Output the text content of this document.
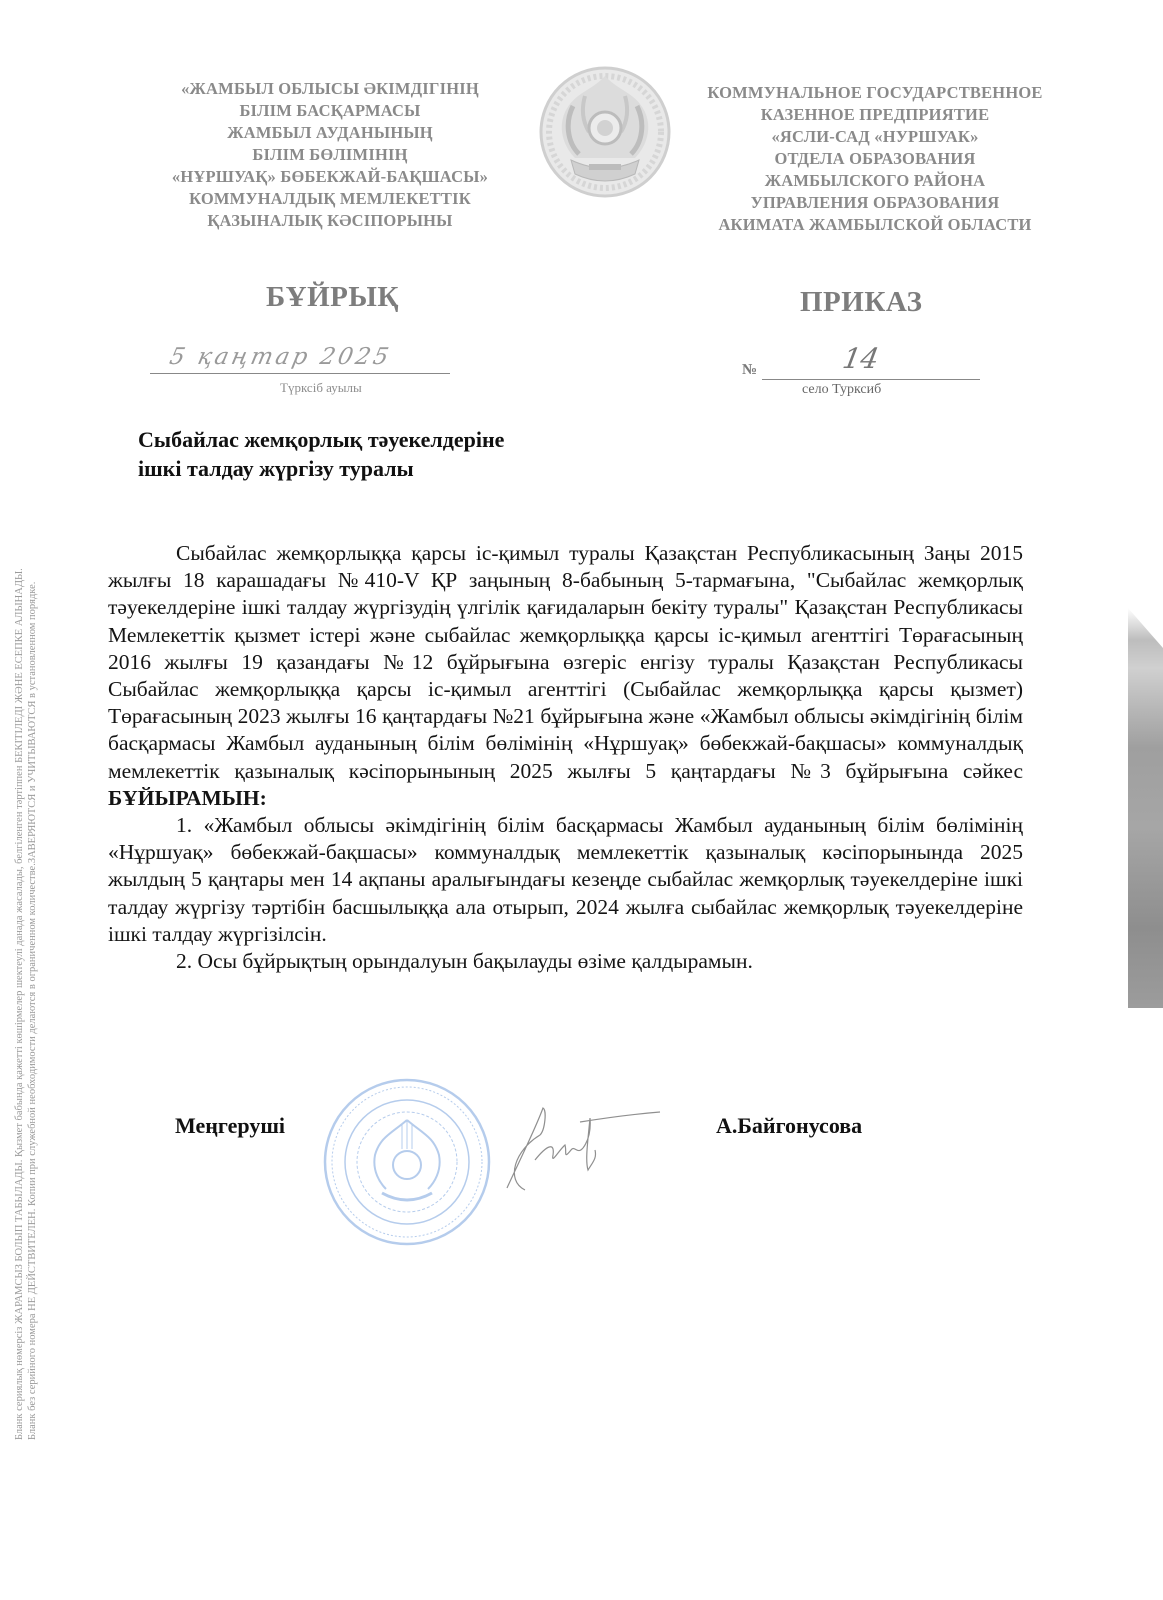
«ЖАМБЫЛ ОБЛЫСЫ ӘКІМДІГІНІҢ
БІЛІМ БАСҚАРМАСЫ
ЖАМБЫЛ АУДАНЫНЫҢ
БІЛІМ БӨЛІМІНІҢ
«НҰРШУАҚ» БӨБЕКЖАЙ-БАҚШАСЫ»
КОММУНАЛДЫҚ МЕМЛЕКЕТТІК
ҚАЗЫНАЛЫҚ КӘСІПОРЫНЫ
КОММУНАЛЬНОЕ ГОСУДАРСТВЕННОЕ
КАЗЕННОЕ ПРЕДПРИЯТИЕ
«ЯСЛИ-САД «НУРШУАК»
ОТДЕЛА ОБРАЗОВАНИЯ
ЖАМБЫЛСКОГО РАЙОНА
УПРАВЛЕНИЯ ОБРАЗОВАНИЯ
АКИМАТА ЖАМБЫЛСКОЙ ОБЛАСТИ
БҰЙРЫҚ	ПРИКАЗ
5 қаңтар 2025
Түрксіб ауылы
№	14
село Турксиб
Сыбайлас жемқорлық тәуекелдеріне
ішкі талдау жүргізу туралы

Сыбайлас жемқорлыққа қарсы іс-қимыл туралы Қазақстан Республикасының Заңы 2015 жылғы 18 карашадағы №410-V ҚР заңының 8-бабының 5-тармағына, "Сыбайлас жемқорлық тәуекелдеріне ішкі талдау жүргізудің үлгілік қағидаларын бекіту туралы" Қазақстан Республикасы Мемлекеттік қызмет істері және сыбайлас жемқорлыққа қарсы іс-қимыл агенттігі Төрағасының 2016 жылғы 19 қазандағы №12 бұйрығына өзгеріс енгізу туралы Қазақстан Республикасы Сыбайлас жемқорлыққа қарсы іс-қимыл агенттігі (Сыбайлас жемқорлыққа қарсы қызмет) Төрағасының 2023 жылғы 16 қаңтардағы №21 бұйрығына және «Жамбыл облысы әкімдігінің білім басқармасы Жамбыл ауданының білім бөлімінің «Нұршуақ» бөбекжай-бақшасы» коммуналдық мемлекеттік қазыналық кәсіпорынының 2025 жылғы 5 қаңтардағы №3 бұйрығына сәйкес БҰЙЫРАМЫН:

1. «Жамбыл облысы әкімдігінің білім басқармасы Жамбыл ауданының білім бөлімінің «Нұршуақ» бөбекжай-бақшасы» коммуналдық мемлекеттік қазыналық кәсіпорынында 2025 жылдың 5 қаңтары мен 14 ақпаны аралығындағы кезеңде сыбайлас жемқорлық тәуекелдеріне ішкі талдау жүргізу тәртібін басшылыққа ала отырып, 2024 жылға сыбайлас жемқорлық тәуекелдеріне ішкі талдау жүргізілсін.

2. Осы бұйрықтың орындалуын бақылауды өзіме қалдырамын.

Меңгеруші	А.Байгонусова
Бланк сериялық нөмерсіз ЖАРАМСЫЗ БОЛЫП ТАБЫЛАДЫ. Қызмет бабында қажетті көшірмелер шектеулі данада жасалады, белгіленген тәртіппен БЕКІТІЛЕДІ ЖӘНЕ ЕСЕПКЕ АЛЫНАДЫ. Бланк без серийного номера НЕ ДЕЙСТВИТЕЛЕН. Копии при служебной необходимости делаются в ограниченном количестве.ЗАВЕРЯЮТСЯ и УЧИТЫВАЮТСЯ в установленном порядке.
